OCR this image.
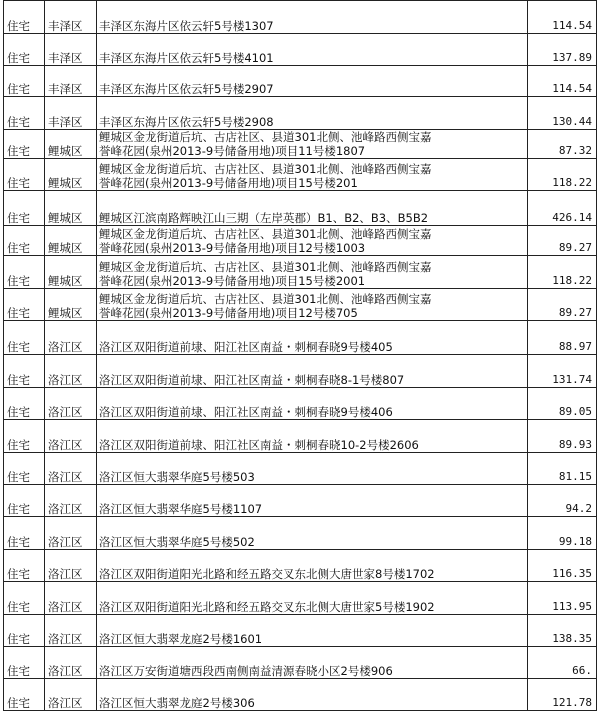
住宅	丰泽区	丰泽区东海片区依云轩5号楼1307	114.54
住宅	丰泽区	丰泽区东海片区依云轩5号楼4101	137.89
住宅	丰泽区	丰泽区东海片区依云轩5号楼2907	114.54
住宅	丰泽区	丰泽区东海片区依云轩5号楼2908	130.44
住宅	鲤城区	鲤城区金龙街道后坑、古店社区、县道301北侧、池峰路西侧宝嘉
誉峰花园(泉州2013-9号储备用地)项目11号楼1807	87.32
住宅	鲤城区	鲤城区金龙街道后坑、古店社区、县道301北侧、池峰路西侧宝嘉
誉峰花园(泉州2013-9号储备用地)项目15号楼201	118.22
住宅	鲤城区	鲤城区江滨南路辉映江山三期（左岸英郡）B1、B2、B3、B5B2	426.14
住宅	鲤城区	鲤城区金龙街道后坑、古店社区、县道301北侧、池峰路西侧宝嘉
誉峰花园(泉州2013-9号储备用地)项目12号楼1003	89.27
住宅	鲤城区	鲤城区金龙街道后坑、古店社区、县道301北侧、池峰路西侧宝嘉
誉峰花园(泉州2013-9号储备用地)项目15号楼2001	118.22
住宅	鲤城区	鲤城区金龙街道后坑、古店社区、县道301北侧、池峰路西侧宝嘉
誉峰花园(泉州2013-9号储备用地)项目12号楼705	89.27
住宅	洛江区	洛江区双阳街道前埭、阳江社区南益・刺桐春晓9号楼405	88.97
住宅	洛江区	洛江区双阳街道前埭、阳江社区南益・刺桐春晓8-1号楼807	131.74
住宅	洛江区	洛江区双阳街道前埭、阳江社区南益・刺桐春晓9号楼406	89.05
住宅	洛江区	洛江区双阳街道前埭、阳江社区南益・刺桐春晓10-2号楼2606	89.93
住宅	洛江区	洛江区恒大翡翠华庭5号楼503	81.15
住宅	洛江区	洛江区恒大翡翠华庭5号楼1107	94.2
住宅	洛江区	洛江区恒大翡翠华庭5号楼502	99.18
住宅	洛江区	洛江区双阳街道阳光北路和经五路交叉东北侧大唐世家8号楼1702	116.35
住宅	洛江区	洛江区双阳街道阳光北路和经五路交叉东北侧大唐世家5号楼1902	113.95
住宅	洛江区	洛江区恒大翡翠龙庭2号楼1601	138.35
住宅	洛江区	洛江区万安街道塘西段西南侧南益清源春晓小区2号楼906	66.
住宅	洛江区	洛江区恒大翡翠龙庭2号楼306	121.78
